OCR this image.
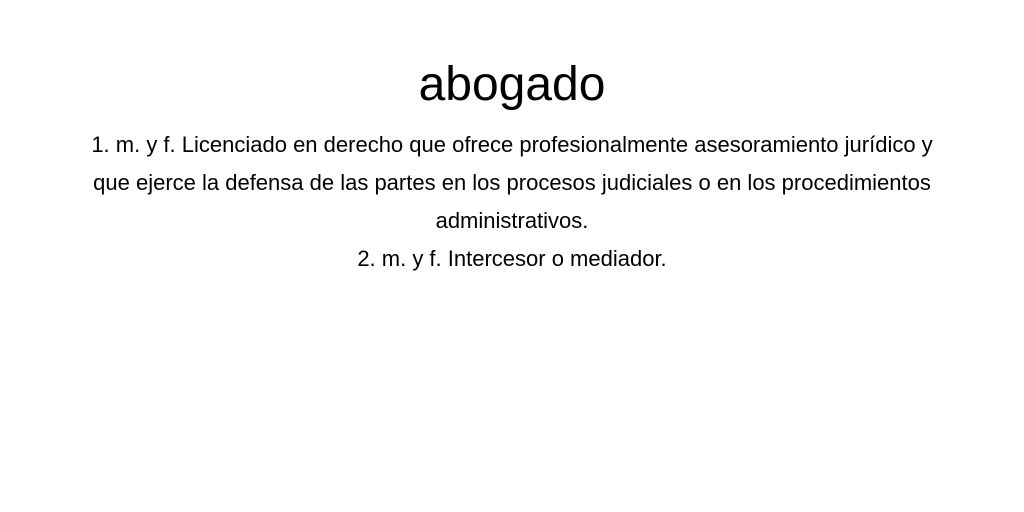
abogado

1. m. y f. Licenciado en derecho que ofrece profesionalmente asesoramiento jurídico y que ejerce la defensa de las partes en los procesos judiciales o en los procedimientos administrativos.

2. m. y f. Intercesor o mediador.
